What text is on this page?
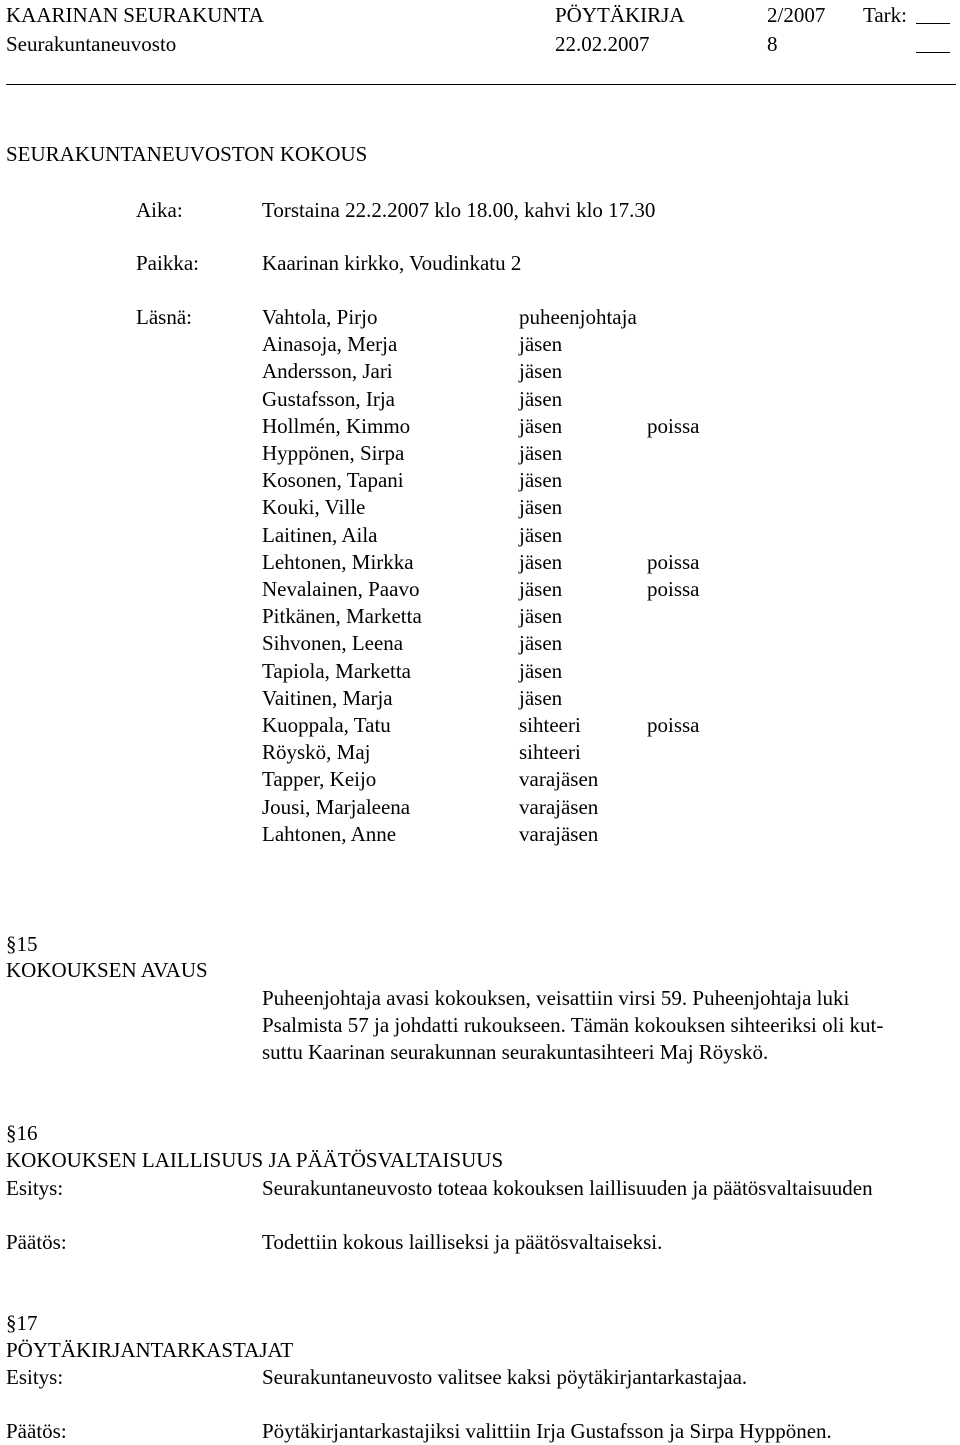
KAARINAN SEURAKUNTA	PÖYTÄKIRJA	2/2007 Tark:
Seurakuntaneuvosto	22.02.2007	8
SEURAKUNTANEUVOSTON KOKOUS
Aika:	Torstaina 22.2.2007 klo 18.00, kahvi klo 17.30
Paikka:	Kaarinan kirkko, Voudinkatu 2
Läsnä:	Vahtola, Pirjo	puheenjohtaja
Ainasoja, Merja	jäsen
Andersson, Jari	jäsen
Gustafsson, Irja	jäsen
Hollmén, Kimmo	jäsen	poissa
Hyppönen, Sirpa	jäsen
Kosonen, Tapani	jäsen
Kouki, Ville	jäsen
Laitinen, Aila	jäsen
Lehtonen, Mirkka	jäsen	poissa
Nevalainen, Paavo	jäsen	poissa
Pitkänen, Marketta	jäsen
Sihvonen, Leena	jäsen
Tapiola, Marketta	jäsen
Vaitinen, Marja	jäsen
Kuoppala, Tatu	sihteeri	poissa
Röyskö, Maj	sihteeri
Tapper, Keijo	varajäsen
Jousi, Marjaleena	varajäsen
Lahtonen, Anne	varajäsen
§15
KOKOUKSEN AVAUS
Puheenjohtaja avasi kokouksen, veisattiin virsi 59. Puheenjohtaja luki
Psalmista 57 ja johdatti rukoukseen. Tämän kokouksen sihteeriksi oli kut-
suttu Kaarinan seurakunnan seurakuntasihteeri Maj Röyskö.
§16
KOKOUKSEN LAILLISUUS JA PÄÄTÖSVALTAISUUS
Esitys:	Seurakuntaneuvosto toteaa kokouksen laillisuuden ja päätösvaltaisuuden
Päätös:	Todettiin kokous lailliseksi ja päätösvaltaiseksi.
§17
PÖYTÄKIRJANTARKASTAJAT
Esitys:	Seurakuntaneuvosto valitsee kaksi pöytäkirjantarkastajaa.
Päätös:	Pöytäkirjantarkastajiksi valittiin Irja Gustafsson ja Sirpa Hyppönen.
